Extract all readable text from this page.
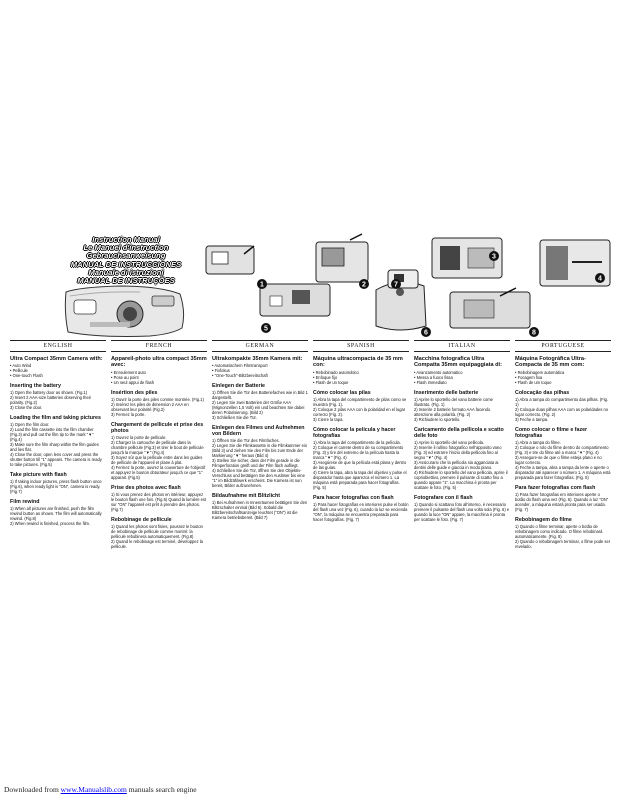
Instruction Manual
Le Manuel d'instruction
Gebrauchsanweisung
MANUAL DE INSTRUCCIONES
Manuale di istruzioni
MANUAL DE INSTRUÇÕES
1	2
3
4
5
6
7
8
ENGLISH
Ultra Compact 35mm Camera with:
• Auto Wind
• Pellicule
• One-touch Flash
Inserting the battery
1) Open the battery door as shown. (Fig.1)
2) Insert 2 AAA-size batteries observing their polarity. (Fig.2)
3) Close the door.
Loading the film and taking pictures
1) Open the film door.
2) Load the film cassette into the film chamber (Fig.3) and pull out the film tip to the mark "▼" (Fig.4)
3) Make sure the film sharp within the film guides and lies flat.
4) Close the door, open lens cover and press the shutter button till "1" appears. The camera is ready to take pictures. (Fig.5)
Take picture with flash
1) If taking indoor pictures, press flash button once (Fig.6), when ready light is "ON", camera is ready. (Fig.7)
Film rewind
1) When all pictures are finished, push the film rewind button as shown. The film will automatically rewind. (Fig.8)
2) When rewind is finished, process the film.
FRENCH
Appareil-photo ultra compact 35mm avec:
• Enroulement auto
• Pose au point
• Un seul appui de flash
Insértion des piles
1) Ouvrir la porte des piles comme montrée. (Fig.1)
2) Insérez les piles de dimension 2 AAA en observant leur polarité (Fig.2)
3) Fermez la porte.
Chargement de pellicule et prise des photos
1) Ouvrez la porte de pellicule.
2) Chargez la cartouche de pellicule dans la chambre pellicule (Fig.3) et tirer le bout de pellicule jusqu'à la marque "▼" (Fig.4)
3) Soyez sûr que la pellicule entre dans les guides de pellicule de l'appareil et plane à plat.
4) Fermez la porte, ouvrez la couverture de l'objectif et appuyez le bouton obturateur jusqu'à ce que "1" apparait. (Fig.5)
Prise des photos avec flash
1) Si vous prenez des photos en intérieur, appuyez le bouton flash une fois. (Fig.6) Quand la lumière est sur "ON" l'appareil est prêt à prendre des photos. (Fig.7)
Rebobinage de pellicule
1) Quand les photos sont finies, poussez le bouton de rebobinage de pellicule comme montré: la pellicule rebobinera automatiquement. (Fig.8)
2) Quand le rebobinage est terminé, développez la pellicule.
GERMAN
Ultrakompakte 35mm Kamera mit:
• Automatischem Filmtransport
• Fixfokus
• "One-Touch"-Blitzbereitschaft
Einlegen der Batterie
1) Öffnen Sie die Tür des Batteriefaches wie in Bild 1 dargestellt.
2) Legen Sie zwei Batterien der Größe AAA (Mignonzellen 1,5 Volt) ein und beachten Sie dabei deren Polarisierung. (Bild 2)
3) Schließen Sie die Tür.
Einlegen des Filmes und Aufnehmen von Bildern
1) Öffnen Sie die Tür des Filmfaches.
2) Legen Sie die Filmkassette in die Filmkammer ein (Bild 3) und ziehen Sie den Film bis zum Ende der Markierung "▼" heraus (Bild 4)
3) Stellen Sie sicher, dass der Film gerade in die Filmperforation greift und der Film flach aufliegt.
4) Schließen Sie die Tür, öffnen Sie den Objektiv-Verschluss und betätigen Sie den Auslöser bis eine "1" im Bildzählwerk erscheint. Die Kamera ist nun bereit, Bilder aufzunehmen.
Bildaufnahme mit Blitzlicht
1) Bei Aufnahmen in Innenräumen betätigen Sie den Blitzschalter einmal (Bild 6). Sobald die Blitzbereitschaftsanzeige leuchtet ("ON") ist die Kamera betriebsbereit. (Bild 7)
SPANISH
Máquina ultracompacta de 35 mm con:
• Rebobinado automático
• Enfoque fijo
• Flash de un toque
Cómo colocar las pilas
1) Abra la tapa del compartimento de pilas como se muestra (Fig. 1).
2) Coloque 2 pilas AAA con la polaridad en el lugar correcto (Fig. 2).
3) Cierre la tapa.
Cómo colocar la película y hacer fotografías
1) Abra la tapa del compartimento de la película.
2) Coloque el carrete dentro de su compartimento (Fig. 3) y tire del extremo de la película hasta la marca "▼" (Fig. 4)
3) Asegúrese de que la película está plana y dentro de las guías.
4) Cierre la tapa, abra la tapa del objetivo y pulse el disparador hasta que aparezca el número 1. La máquina está preparada para hacer fotografías. (Fig. 5)
Para hacer fotografías con flash
1) Para hacer fotografías en interiores pulse el botón del flash una vez (Fig. 6), cuando la luz se encienda "ON", la máquina se encuentra preparada para hacer fotografías. (Fig. 7)
ITALIAN
Macchina fotografica Ultra Compatta 35mm equipaggiata di:
• Avanzamento automatico
• Messa a fuoco fissa
• Flash immediato
Inserimento delle batterie
1) Aprire lo sportello del vano batterie come illustrato. (Fig. 1)
2) Inserire 2 batterie formato AAA facendo attenzione alla polarità. (Fig. 2)
3) Richiudere lo sportello.
Caricamento della pellicola e scatto delle foto
1) Aprire lo sportello del vano pellicola.
2) Inserire il rullino fotografico nell'apposito vano (Fig. 3) ed estrarre l'inizio della pellicola fino al segno "▼" (Fig. 4)
3) Assicurarsi che la pellicola sia agganciata ai dentini delle guide e giaccia in modo piano.
4) Richiudere lo sportello del vano pellicola, aprire il copriobiettivo, premere il pulsante di scatto fino a quando appare "1". La macchina è pronta per scattare le foto. (Fig. 5)
Fotografare con il flash
1) Quando si scattano foto all'interno, è necessario premere il pulsante del flash una volta sola (Fig. 6) e quando la luce "ON" appare, la macchina è pronta per scattare le foto. (Fig. 7)
PORTUGUESE
Máquina Fotográfica Ultra-Compacta de 35 mm com:
• Rebobinagem automática
• Focagem fixa
• Flash de um toque
Colocação das pilhas
1) Abra a tampa do compartimento das pilhas. (Fig. 1)
2) Coloque duas pilhas AAA com as polaridades no lugar correcto. (Fig. 2)
3) Feche a tampa.
Como colocar o filme e fazer fotografias
1) Abra a tampa do filme.
2) Coloque o rolo do filme dentro do compartimento (Fig. 3) e tire do filme até a marca "▼" (Fig. 4)
3) Assegure-se de que o filme esteja plano e no lugar correcto.
4) Feche a tampa, abra a tampa da lente e aperte o disparador até aparecer o número 1. A máquina está preparada para fazer fotografias. (Fig. 5)
Para fazer fotografias com flash
1) Para fazer fotografias em interiores aperte o botão do flash uma vez (Fig. 6). Quando a luz "ON" acender, a máquina estará pronta para ser usada. (Fig. 7)
Rebobinagem do filme
1) Quando o filme terminar, aperte o botão de rebobinagem como indicado. O filme rebobinará automaticamente. (Fig. 8)
2) Quando o rebobinagem terminar, o filme pode ser revelado.
Downloaded from www.Manualslib.com manuals search engine
